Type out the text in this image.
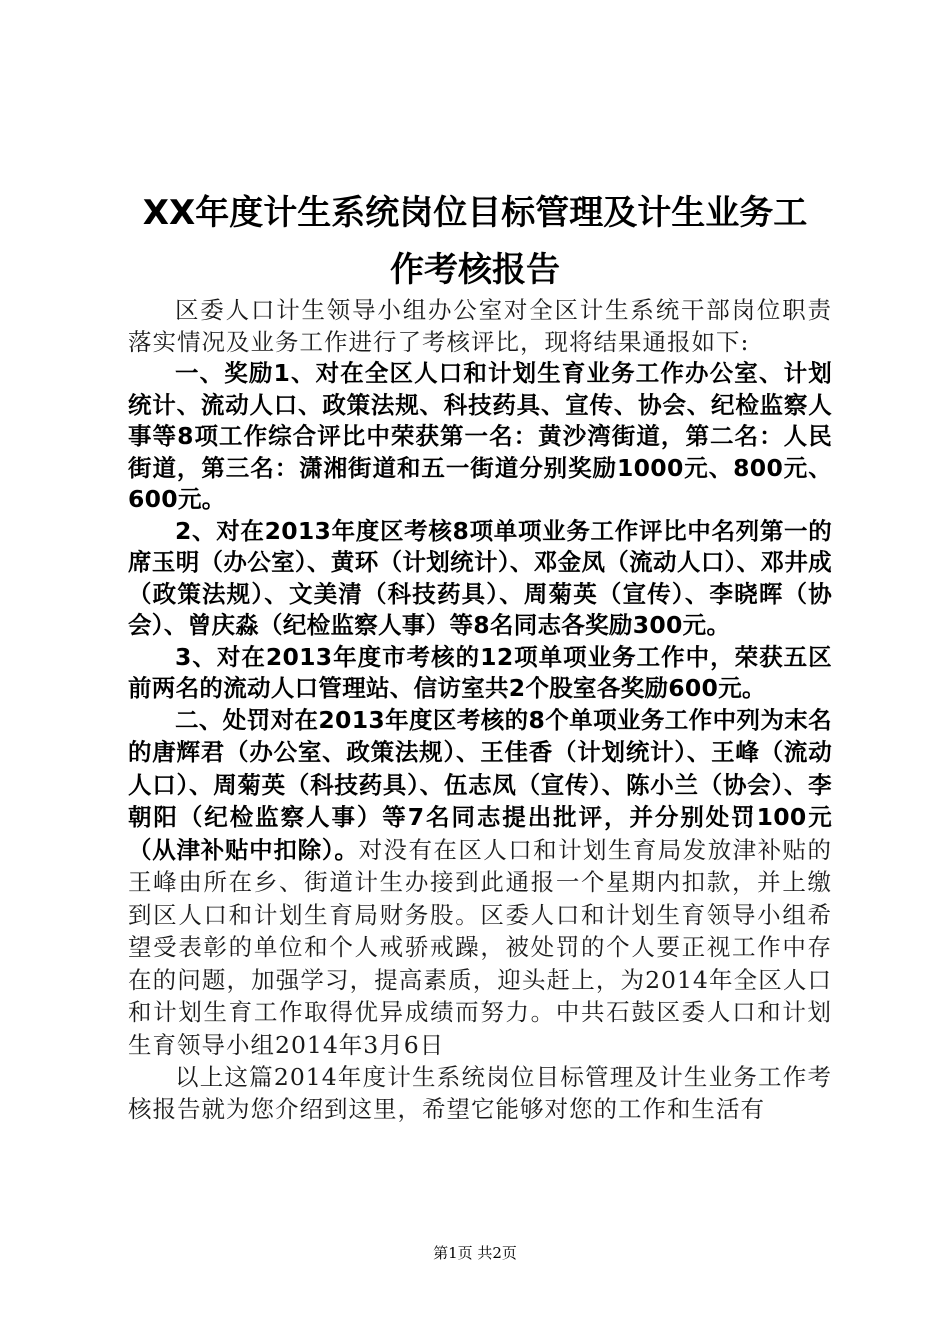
XX年度计生系统岗位目标管理及计生业务工
作考核报告

区委人口计生领导小组办公室对全区计生系统干部岗位职责落实情况及业务工作进行了考核评比，现将结果通报如下:

一、奖励1、对在全区人口和计划生育业务工作办公室、计划统计、流动人口、政策法规、科技药具、宣传、协会、纪检监察人事等8项工作综合评比中荣获第一名：黄沙湾街道，第二名：人民街道，第三名：潇湘街道和五一街道分别奖励1000元、800元、600元。

2、对在2013年度区考核8项单项业务工作评比中名列第一的席玉明（办公室）、黄环（计划统计）、邓金凤（流动人口）、邓井成（政策法规）、文美清（科技药具）、周菊英（宣传）、李晓晖（协会）、曾庆淼（纪检监察人事）等8名同志各奖励300元。

3、对在2013年度市考核的12项单项业务工作中，荣获五区前两名的流动人口管理站、信访室共2个股室各奖励600元。

二、处罚对在2013年度区考核的8个单项业务工作中列为末名的唐辉君（办公室、政策法规）、王佳香（计划统计）、王峰（流动人口）、周菊英（科技药具）、伍志凤（宣传）、陈小兰（协会）、李朝阳（纪检监察人事）等7名同志提出批评，并分别处罚100元（从津补贴中扣除）。对没有在区人口和计划生育局发放津补贴的王峰由所在乡、街道计生办接到此通报一个星期内扣款，并上缴到区人口和计划生育局财务股。区委人口和计划生育领导小组希望受表彰的单位和个人戒骄戒躁，被处罚的个人要正视工作中存在的问题，加强学习，提高素质，迎头赶上，为2014年全区人口和计划生育工作取得优异成绩而努力。中共石鼓区委人口和计划生育领导小组2014年3月6日

以上这篇2014年度计生系统岗位目标管理及计生业务工作考核报告就为您介绍到这里，希望它能够对您的工作和生活有

第1页 共2页
